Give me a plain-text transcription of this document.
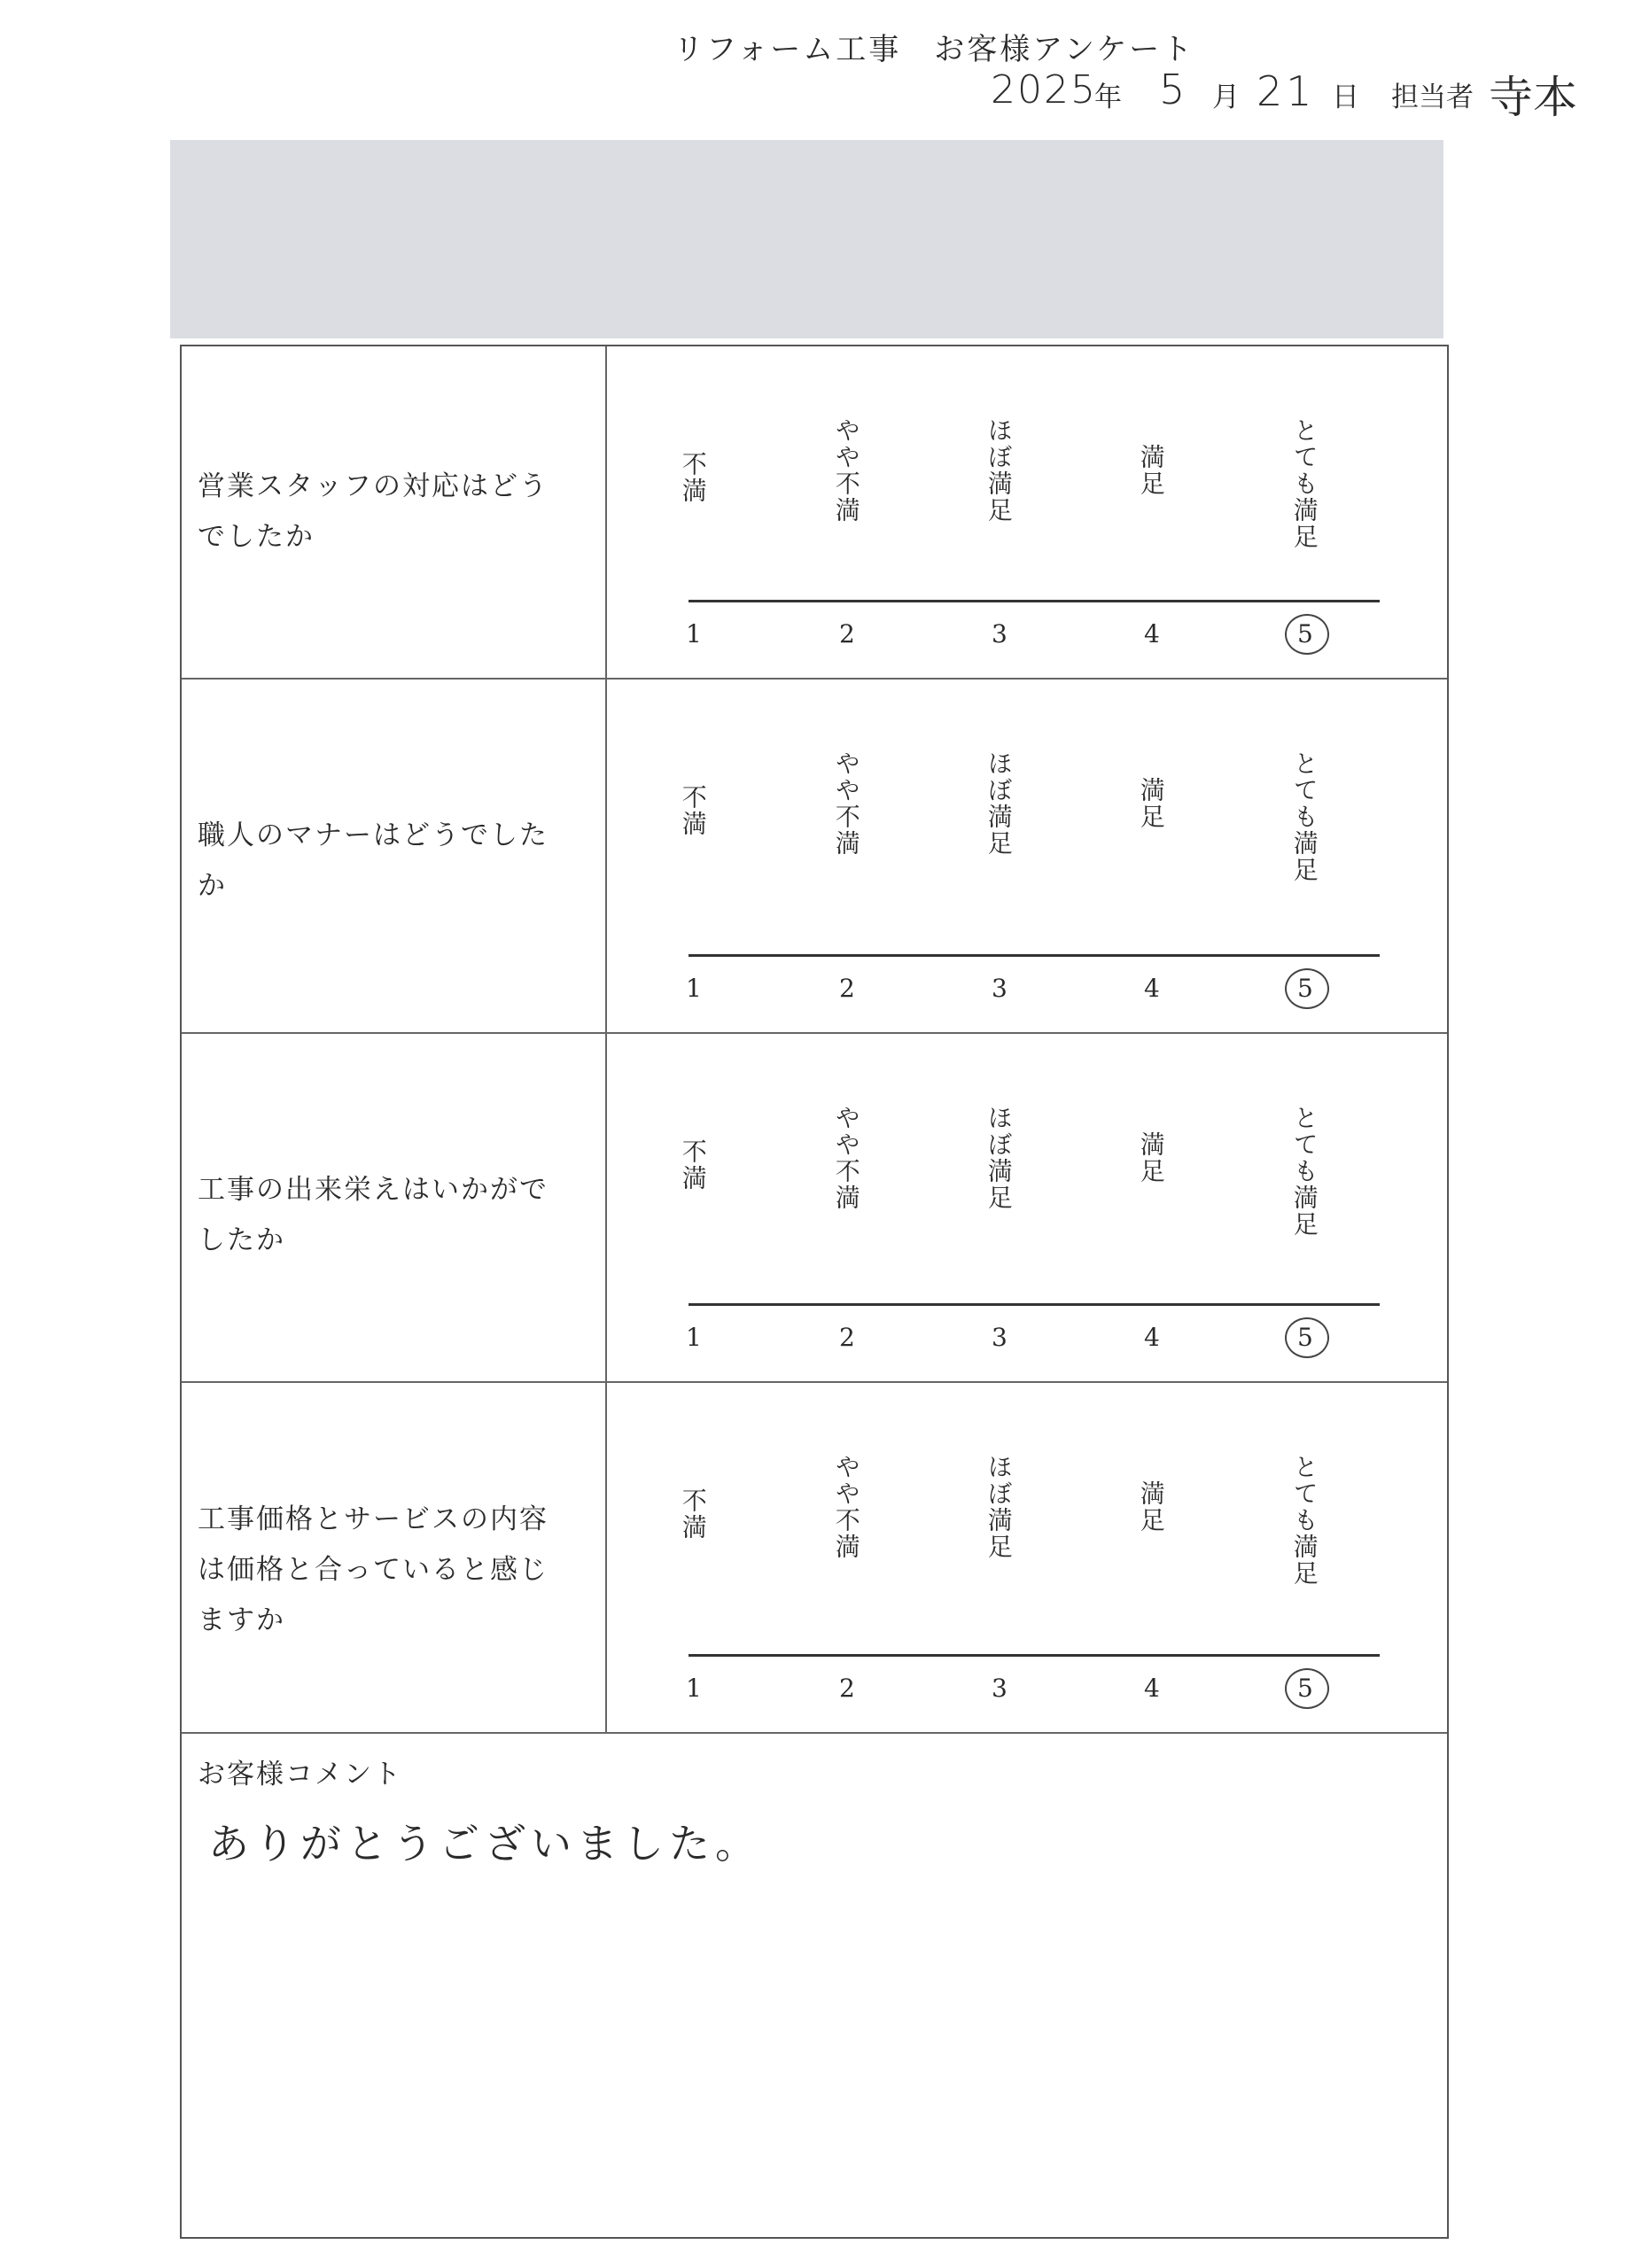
リフォーム工事　お客様アンケート
2025
年 5 月 21 日 担当者 寺本
営業スタッフの対応はどうでしたか
不満	やや不満	ほぼ満足	満足	とても満足
1	2	3	4	5
職人のマナーはどうでしたか
不満	やや不満	ほぼ満足	満足	とても満足
1	2	3	4	5
工事の出来栄えはいかがでしたか
不満	やや不満	ほぼ満足	満足	とても満足
1	2	3	4	5
工事価格とサービスの内容は価格と合っていると感じますか
不満	やや不満	ほぼ満足	満足	とても満足
1	2	3	4	5
お客様コメント
ありがとうございました。
